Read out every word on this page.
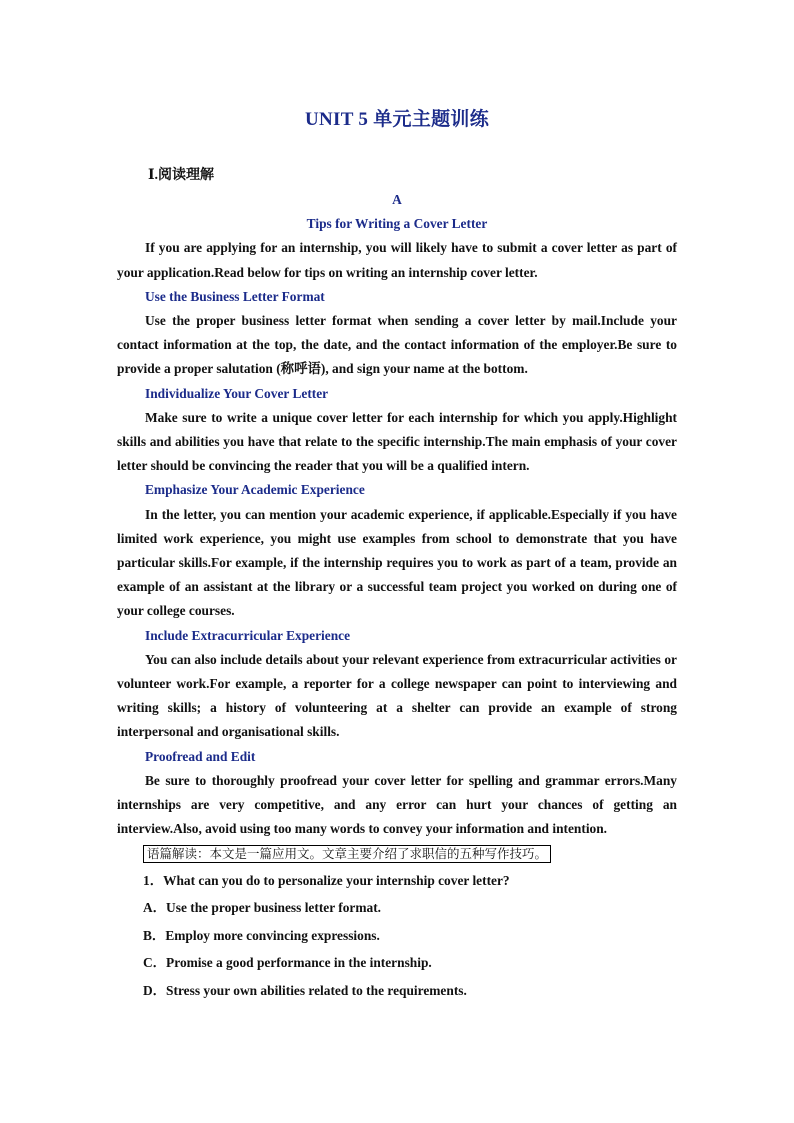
UNIT 5 单元主题训练
Ⅰ.阅读理解
A
Tips for Writing a Cover Letter

If you are applying for an internship, you will likely have to submit a cover letter as part of your application.Read below for tips on writing an internship cover letter.

Use the Business Letter Format

Use the proper business letter format when sending a cover letter by mail.Include your contact information at the top, the date, and the contact information of the employer.Be sure to provide a proper salutation (称呼语), and sign your name at the bottom.

Individualize Your Cover Letter

Make sure to write a unique cover letter for each internship for which you apply.Highlight skills and abilities you have that relate to the specific internship.The main emphasis of your cover letter should be convincing the reader that you will be a qualified intern.

Emphasize Your Academic Experience

In the letter, you can mention your academic experience, if applicable.Especially if you have limited work experience, you might use examples from school to demonstrate that you have particular skills.For example, if the internship requires you to work as part of a team, provide an example of an assistant at the library or a successful team project you worked on during one of your college courses.

Include Extracurricular Experience

You can also include details about your relevant experience from extracurricular activities or volunteer work.For example, a reporter for a college newspaper can point to interviewing and writing skills; a history of volunteering at a shelter can provide an example of strong interpersonal and organisational skills.

Proofread and Edit

Be sure to thoroughly proofread your cover letter for spelling and grammar errors.Many internships are very competitive, and any error can hurt your chances of getting an interview.Also, avoid using too many words to convey your information and intention.

语篇解读：本文是一篇应用文。文章主要介绍了求职信的五种写作技巧。
1．What can you do to personalize your internship cover letter?
A．Use the proper business letter format.
B．Employ more convincing expressions.
C．Promise a good performance in the internship.
D．Stress your own abilities related to the requirements.
